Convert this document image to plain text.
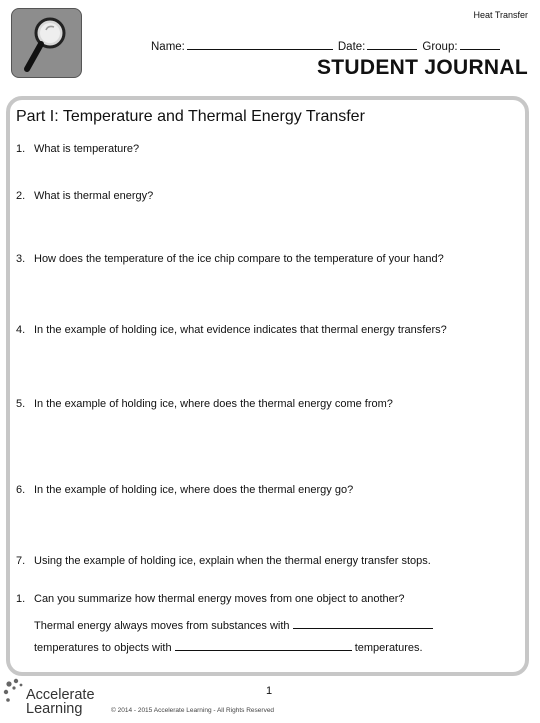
Heat Transfer
Name:	Date:	Group:
STUDENT JOURNAL
Part I: Temperature and Thermal Energy Transfer
1. What is temperature?
2. What is thermal energy?
3. How does the temperature of the ice chip compare to the temperature of your hand?
4. In the example of holding ice, what evidence indicates that thermal energy transfers?
5. In the example of holding ice, where does the thermal energy come from?
6. In the example of holding ice, where does the thermal energy go?
7. Using the example of holding ice, explain when the thermal energy transfer stops.
1. Can you summarize how thermal energy moves from one object to another?
Thermal energy always moves from substances with
temperatures to objects with	temperatures.
1
Accelerate
Learning	© 2014 - 2015 Accelerate Learning - All Rights Reserved
